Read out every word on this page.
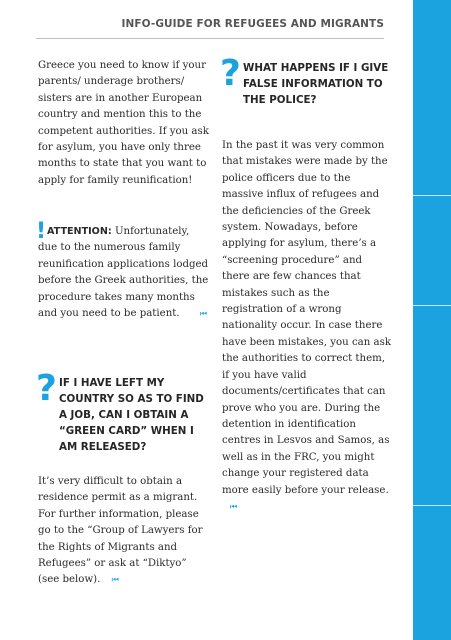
INFO-GUIDE FOR REFUGEES AND MIGRANTS

Greece you need to know if your parents/ underage brothers/ sisters are in another European country and mention this to the competent authorities. If you ask for asylum, you have only three months to state that you want to apply for family reunification!

! ATTENTION: Unfortunately, due to the numerous family reunification applications lodged before the Greek authorities, the procedure takes many months and you need to be patient.	⏮

? IF I HAVE LEFT MY COUNTRY SO AS TO FIND A JOB, CAN I OBTAIN A “GREEN CARD” WHEN I AM RELEASED?

It’s very difficult to obtain a residence permit as a migrant. For further information, please go to the “Group of Lawyers for the Rights of Migrants and Refugees” or ask at “Diktyo” (see below). ⏮

? WHAT HAPPENS IF I GIVE FALSE INFORMATION TO THE POLICE?

In the past it was very common that mistakes were made by the police officers due to the massive influx of refugees and the deficiencies of the Greek system. Nowadays, before applying for asylum, there’s a “screening procedure” and there are few chances that mistakes such as the registration of a wrong nationality occur. In case there have been mistakes, you can ask the authorities to correct them, if you have valid documents/certificates that can prove who you are. During the detention in identification centres in Lesvos and Samos, as well as in the FRC, you might change your registered data more easily before your release. ⏮

▲ GENERAL INFORMATION
▲ ATHENS
▲ ASSISTANCE/ADRESSES
▲ GREEK PHRASES
